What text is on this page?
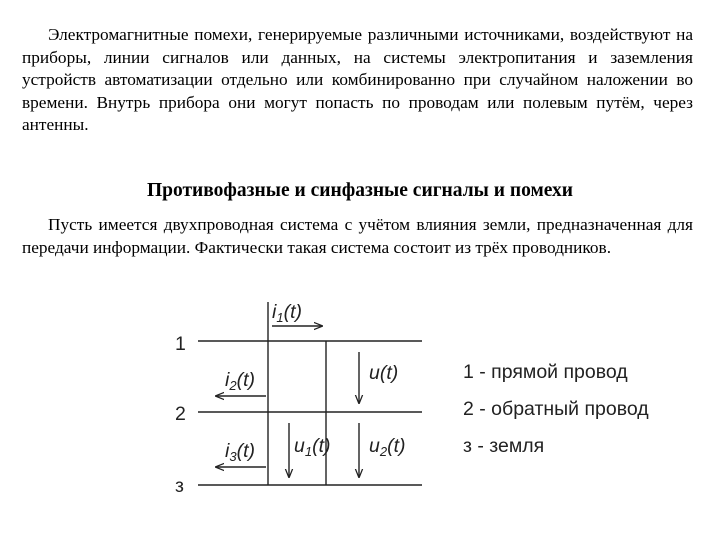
Электромагнитные помехи, генерируемые различными источниками, воздействуют на приборы, линии сигналов или данных, на системы электропитания и заземления устройств автоматизации отдельно или комбинированно при случайном наложении во времени. Внутрь прибора они могут попасть по проводам или полевым путём, через антенны.

Противофазные и синфазные сигналы и помехи

Пусть имеется двухпроводная система с учётом влияния земли, предназначенная для передачи информации. Фактически такая система состоит из трёх проводников.

1
2
з
$i_1(t)$
$i_2(t)$
$i_3(t)$
u(t)
$u_1(t)$ $u_2(t)$
1 - прямой провод
2 - обратный провод
з - земля
